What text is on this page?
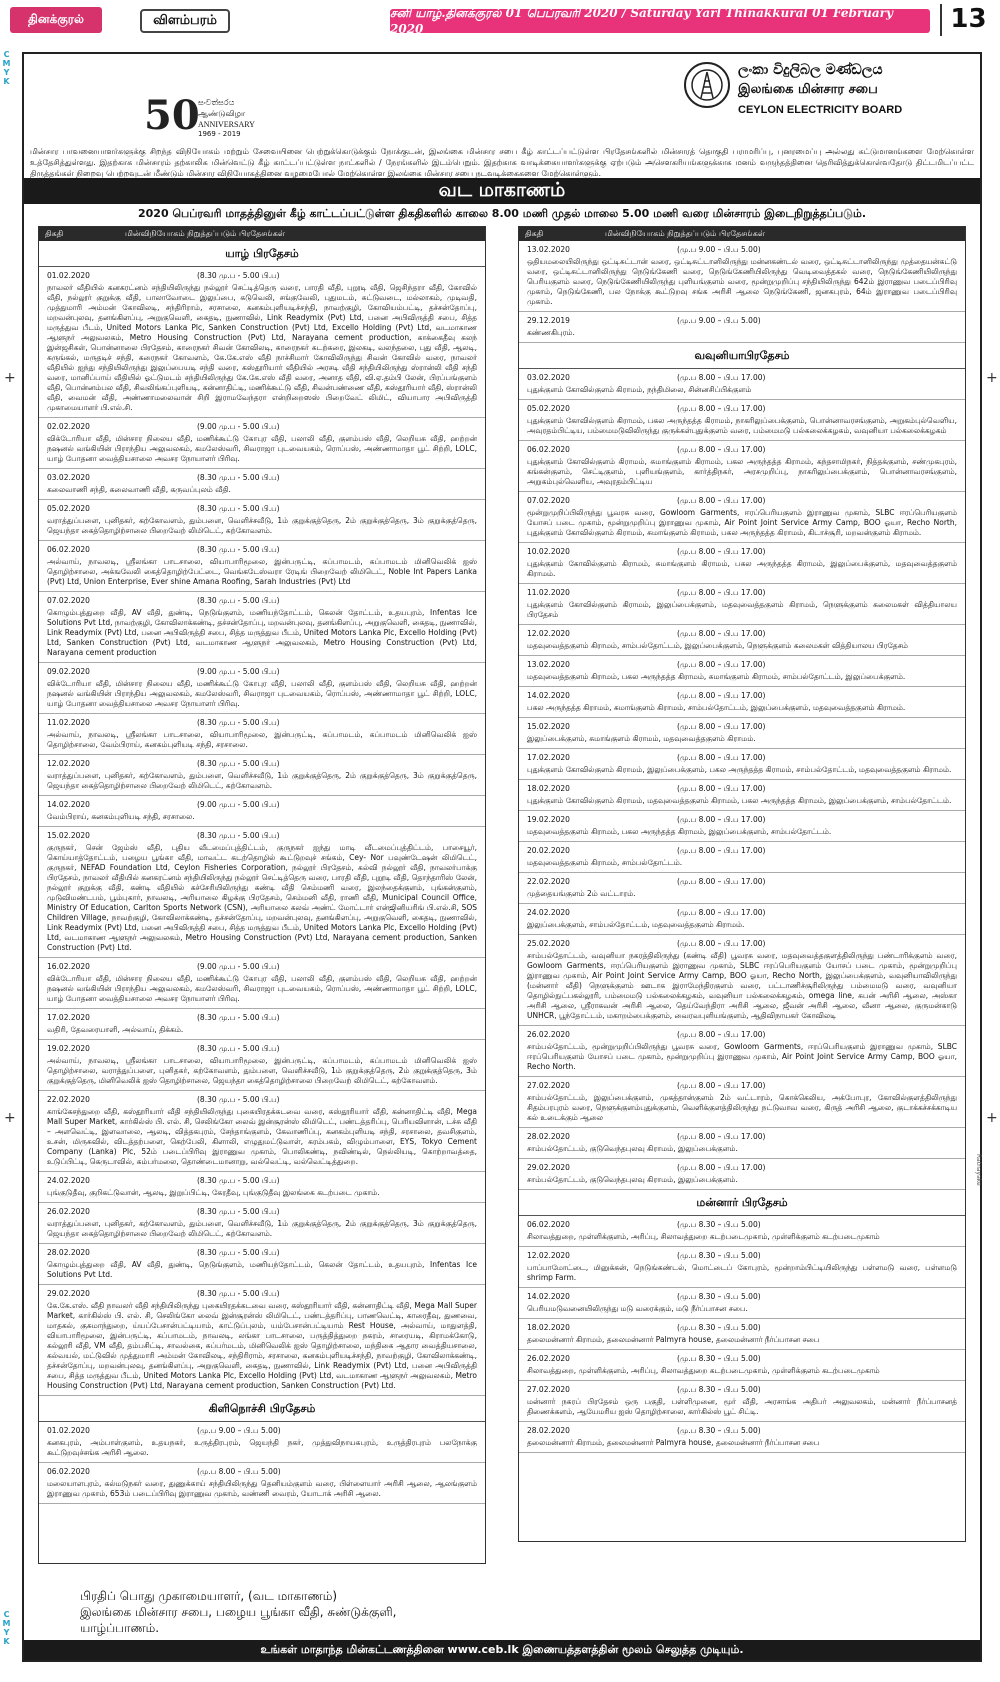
தினக்குரல்	விளம்பரம்	சனி யாழ்.தினக்குரல் 01 பெப்ரவரி 2020 / Saturday Yarl Thinakkural 01 February 2020	13
C
M
Y
K
C
M
Y
K
+
+
+
+
50
සංවත්සරය
ஆண்டுவிழா
ANNIVERSARY
1969 - 2019
ලංකා විදුලිබල මණ්ඩලය
இலங்கை மின்சார சபை
CEYLON ELECTRICITY BOARD
மின்சார பாவனையாளர்களுக்கு சிறந்த விநியோகம் மற்றும் சேவையினை பெற்றுக்கொடுக்கும் நோக்குடன், இலங்கை மின்சார சபை கீழ் காட்டப்பட்டுள்ள பிரதேசங்களில் மின்சாரத் தொகுதி பராமரிப்பு, புனரமைப்பு அல்லது கட்டுமானங்களை மேற்கொள்ள உத்தேசித்துள்ளது. இதற்காக மின்சாரம் தற்காலிக மின்வெட்டு கீழ் காட்டப்பட்டுள்ள நாட்களில் / நேரங்களில் இடம்பெறும். இதற்காக வாடிக்கையாளர்களுக்கு ஏற்படும் அசௌகரியங்களுக்காக மனம் வருந்தத்தினை தெரிவித்துக்கொள்வதோடு திட்டமிடப்பட்ட திருத்தங்கள் நிறைவு பெற்றவுடன் மீண்டும் மின்சார விநியோகத்தினை வழமைபோல் மேற்கொள்ள இலங்கை மின்சார சபை நடவடிக்கைகளை மேற்கொள்ளும்.
வட மாகாணம்
2020 பெப்ரவரி மாதத்தினுள் கீழ் காட்டப்பட்டுள்ள திகதிகளில் காலை 8.00 மணி முதல் மாலை 5.00 மணி வரை மின்சாரம் இடைநிறுத்தப்படும்.
திகதி	மின்விநியோகம் நிறுத்தப்படும் பிரதேசங்கள்
யாழ் பிரதேசம்
01.02.2020	(8.30 மு.ப - 5.00 பி.ப)
நாவலர் வீதியில் கனகரட்னம் சந்தியிலிருந்து நல்லூர் செட்டித்தெரு வரை, பாரதி வீதி, புறூடி வீதி, ஜெசிந்தரா வீதி, கோவில் வீதி, நல்லூர் குறுக்கு வீதி, பாலாவோடை இலுப்பை, கடுவெலி, சங்குவேலி, புதுமடம், சுட்டுவடை, மல்லாகம், முடிவதி, முத்துமாரி அம்மன் கோவிலடி, சந்திரிராம், சரசாலை, கனகம்புளியடிச்சந்தி, நாவற்குழி, கோவியம்பட்டி, தச்சன்தோப்பு, மறவன்புலவு, தனங்கிளப்பு, அறுகுவெளி, கைதடி, நுணாவில், Link Readymix (Pvt) Ltd, பனை அபிவிருத்தி சபை, சித்த மருத்துவ பீடம், United Motors Lanka Plc, Sanken Construction (Pvt) Ltd, Excello Holding (Pvt) Ltd, வடமாகாண ஆளுநர் அலுவலகம், Metro Housing Construction (Pvt) Ltd, Narayana cement production, காக்கைதீவு கலந் இன்ஜசிகள், பொன்னாலை பிரதேசம், காரைநகர் சிவன் கோவிலடி, காரைநகர் கடற்கரை, இலகடி, வலந்தலை, புது வீதி, ஆலடி, கருங்கல், மருதடிச் சந்தி, கரைநகர் கோவளம், கே.கே.எஸ் வீதி நாச்சிமார் கோவிலிருந்து சிவன் கோவில் வரை, நாவலர் வீதியில் ஐந்து சந்தியிலிருந்து இலுப்பையடி சந்தி வரை, கஸ்தூரியார் வீதியில் அரசடி வீதி சந்தியிலிருந்து ஸ்ரான்லி வீதி சந்தி வரை, மானிப்பாய் வீதியில் ஓட்டுமடம் சந்தியிலிருந்து கே.கே.எஸ் வீதி வரை, அனாத வீதி, வி.ஏ.தம்பி லேன், பிரப்பங்குளம் வீதி, பொன்னம்பல வீதி, சிவலிங்கப்புளியடி, கன்னாதிட்டி, மணிக்கூட்டு வீதி, சிவன்பண்ணை வீதி, கஸ்தூரியார் வீதி, ஸ்ரான்லி வீதி, வைமன் வீதி, அண்ணாமலைவான் சிறி இராமவேந்தரா என்றிறைஸஸ் பிறைவேட் லிமிட், வியாபார அபிவிருத்தி முகாமையாளர் பி.எல்.சி.
02.02.2020	(9.00 மு.ப - 5.00 பி.ப)
விக்டோரியா வீதி, மின்சார நிலைய வீதி, மணிக்கூட்டு கோபுர வீதி, பலாலி வீதி, குளம்பஸ் வீதி, லெறியசு வீதி, ஹற்றன் நஷனல் வங்கியின் பிராந்திய அலுவலகம், கமலேஸ்வரி, சிவராஜா புடவையகம், ரொப்பஸ், அண்ணாமாதா பூட் சிற்றி, LOLC, யாழ் போதனா வைத்தியசாலை அவசர நோயாளர் பிரிவு.
03.02.2020	(8.30 மு.ப - 5.00 பி.ப)
கலைவாணி சந்தி, கலைவாணி வீதி, கருவப்புலம் வீதி.
05.02.2020	(8.30 மு.ப - 5.00 பி.ப)
வராத்துப்பளை, புனிதகர், கற்கோவளம், தும்பளை, வெளிச்சவீடு, 1ம் குறுக்குத்தெரு, 2ம் குறுக்குத்தெரு, 3ம் குறுக்குத்தெரு, ஜெயந்தா கைத்தொழிற்சாலை பிறைவேற் லிமிடெட், கற்கோவளம்.
06.02.2020	(8.30 மு.ப - 5.00 பி.ப)
அல்வாய், நாவலடி, ஸ்ரீலங்கா பாடசாலை, வியாபாரிமூலை, இன்பருட்டி, கப்பாமடம், கப்பாமடம் மினிவெலிக் ஐஸ் தொழிற்சாலை, அக்ஙவேலி கைத்தொழிற்பேட்டை, வெங்கடேஸ்வரா ரேடிங் பிறைவேற் லிமிடெட், Noble Int Papers Lanka (Pvt) Ltd, Union Enterprise, Ever shine Amana Roofing, Sarah Industries (Pvt) Ltd
07.02.2020	(8.30 மு.ப - 5.00 பி.ப)
கொழும்புத்துறை வீதி, AV வீதி, துண்டி, நெடுங்குளம், மணியந்தோட்டம், கெலன் தோட்டம், உதயபுரம், Infentas Ice Solutions Pvt Ltd, நாவற்குழி, கோவிலாக்கண்டி, தச்சன்தோப்பு, மறவன்புலவு, தனங்கிளப்பு, அறுகுவெளி, கைதடி, நுணாவில், Link Readymix (Pvt) Ltd, பனை அபிவிருத்தி சபை, சித்த மருத்துவ பீடம், United Motors Lanka Plc, Excello Holding (Pvt) Ltd, Sanken Construction (Pvt) Ltd, வடமாகாண ஆளுநர் அலுவலகம், Metro Housing Construction (Pvt) Ltd, Narayana cement production
09.02.2020	(9.00 மு.ப - 5.00 பி.ப)
விக்டோரியா வீதி, மின்சார நிலைய வீதி, மணிக்கூட்டு கோபுர வீதி, பலாலி வீதி, குளம்பஸ் வீதி, லெறியசு வீதி, ஹற்றன் நஷனல் வங்கியின் பிராந்திய அலுவலகம், கமலேஸ்வரி, சிவராஜா புடவையகம், ரொப்பஸ், அண்ணாமாதா பூட் சிற்றி, LOLC, யாழ் போதனா வைத்தியசாலை அவசர நோயாளர் பிரிவு.
11.02.2020	(8.30 மு.ப - 5.00 பி.ப)
அல்வாய், நாவலடி, ஸ்ரீலங்கா பாடசாலை, வியாபாரிமூலை, இன்பருட்டி, கப்பாமடம், கப்பாமடம் மினிவெலிக் ஐஸ் தொழிற்சாலை, வேம்பிராய், கனகம்புளியடி சந்தி, சரசாலை.
12.02.2020	(8.30 மு.ப - 5.00 பி.ப)
வராத்துப்பளை, புனிதகர், கற்கோவளம், தும்பளை, வெளிச்சவீடு, 1ம் குறுக்குத்தெரு, 2ம் குறுக்குத்தெரு, 3ம் குறுக்குத்தெரு, ஜெயந்தா கைத்தொழிற்சாலை பிறைவேற் லிமிடெட், கற்கோவளம்.
14.02.2020	(9.00 மு.ப - 5.00 பி.ப)
வேம்பிராய், கனகம்புளியடி சந்தி, சரசாலை.
15.02.2020	(8.30 மு.ப - 5.00 பி.ப)
குருநகர், சென் ஜேம்ஸ் வீதி, புதிய வீடமைப்புத்திட்டம், குருநகர் ஐந்து மாடி வீடமைப்புத்திட்டம், பாசையூர், கொய்யாத்தோட்டம், பழைய பூங்கா வீதி, மாவட்ட கடற்தொழில் கூட்டுறவுச் சங்கம், Cey- Nor பவுண்டேஷன் லிமிடெட், குருநகர், NEFAD Foundation Ltd, Ceylon Fisheries Corporation, நல்லூர் பிரதேசம், கல்வி நல்லூர் வீதி, நாவலர்பாக்கு பிரதேசம், நாவலர் வீதியில் கனகரட்னம் சந்தியிலிருந்து நல்லூர் செட்டித்தெரு வரை, பாரதி வீதி, புறூடி வீதி, தொந்தாரிஸ் லேன், நல்லூர் குறுக்கு வீதி, கண்டி வீதியில் கச்சேரியிலிருந்து கண்டி வீதி செம்மணி வரை, இலந்தைக்குளம், புங்கன்குளம், முடுவிமண்டபம், பூம்புகார், நாவலடி, அரியாலை கிழக்கு பிரதேசம், செம்மனி வீதி, ராணி வீதி, Municipal Council Office, Ministry Of Education, Carlton Sports Network (CSN), அரியாலை கலவ் அண்ட் மோட்டார் என்ஜினியரிங் பி.எல்.சி, SOS Children Village, நாவற்குழி, கோவிலாக்கண்டி, தச்சன்தோப்பு, மறவன்புலவு, தனங்கிளப்பு, அறுகுவெளி, கைதடி, நுணாவில், Link Readymix (Pvt) Ltd, பனை அபிவிருத்தி சபை, சித்த மருத்துவ பீடம், United Motors Lanka Plc, Excello Holding (Pvt) Ltd, வடமாகாண ஆளுநர் அலுவலகம், Metro Housing Construction (Pvt) Ltd, Narayana cement production, Sanken Construction (Pvt) Ltd.
16.02.2020	(9.00 மு.ப - 5.00 பி.ப)
விக்டோரியா வீதி, மின்சார நிலைய வீதி, மணிக்கூட்டு கோபுர வீதி, பலாலி வீதி, குளம்பஸ் வீதி, லெறியசு வீதி, ஹற்றன் நஷனல் வங்கியின் பிராந்திய அலுவலகம், கமலேஸ்வரி, சிவராஜா புடவையகம், ரொப்பஸ், அண்ணாமாதா பூட் சிற்றி, LOLC, யாழ் போதனா வைத்தியசாலை அவசர நோயாளர் பிரிவு.
17.02.2020	(8.30 மு.ப - 5.00 பி.ப)
வதிரி, தேவரையாளி, அல்வாய், திக்கம்.
19.02.2020	(8.30 மு.ப - 5.00 பி.ப)
அல்வாய், நாவலடி, ஸ்ரீலங்கா பாடசாலை, வியாபாரிமூலை, இன்பருட்டி, கப்பாமடம், கப்பாமடம் மினிவெலிக் ஐஸ் தொழிற்சாலை, வராத்துப்பளை, புனிதகர், கற்கோவளம், தும்பளை, வெளிச்சவீடு, 1ம் குறுக்குத்தெரு, 2ம் குறுக்குத்தெரு, 3ம் குறுக்குத்தெரு, மினிவெலிக் ஐஸ் தொழிற்சாலை, ஜெயந்தா கைத்தொழிற்சாலை பிறைவேற் லிமிடெட், கற்கோவளம்.
22.02.2020	(8.30 மு.ப - 5.00 பி.ப)
காங்கேசந்துறை வீதி, கஸ்தூரியார் வீதி சந்தியிலிருந்து புகையிரதக்கடவை வரை, கஸ்தூரியார் வீதி, கன்னாதிட்டி வீதி, Mega Mall Super Market, கார்கில்ஸ் பி. எல். சி, செலிங்கோ லைவ் இன்சூரன்ஸ் லிமிடெட், பண்டத்தரிப்பு, பெரியவிளான், டச்சு வீதி – அளவெட்டி, இளவாலை, ஆலடி, வித்தகபுரம், சேந்தாங்குளம், கேவாணிப்பு, கனகம்புளியடி சந்தி, சரசாலை, தவசிகுளம், உசன், மிருசுவில், விடத்தற்பளை, கெற்பேலி, கிளாலி, எழுதுமட்டுவாள், கரம்பகம், விழும்பாளை, EYS, Tokyo Cement Company (Lanka) Plc, 52ம் படைப்பிரிவு இராணுவ முகாம், பொலிகண்டி, நவிண்டில், நெல்லியடி, கொற்றாவத்தை, உடுப்பிட்டி, கெருடாவில், கம்பர்மலை, தொண்டைமானாறு, வல்வெட்டி, வல்வெட்டித்துறை.
24.02.2020	(8.30 மு.ப - 5.00 பி.ப)
புங்குடுதீவு, குறிகட்டுவான், ஆலடி, இறுப்பிட்டி, கேரதீவு, புங்குடுதீவு இலங்கை கடற்படை முகாம்.
26.02.2020	(8.30 மு.ப - 5.00 பி.ப)
வராத்துப்பளை, புனிதகர், கற்கோவளம், தும்பளை, வெளிச்சவீடு, 1ம் குறுக்குத்தெரு, 2ம் குறுக்குத்தெரு, 3ம் குறுக்குத்தெரு, ஜெயந்தா கைத்தொழிற்சாலை பிறைவேற் லிமிடெட், கற்கோவளம்.
28.02.2020	(8.30 மு.ப - 5.00 பி.ப)
கொழும்புத்துறை வீதி, AV வீதி, துண்டி, நெடுங்குளம், மணியந்தோட்டம், கெலன் தோட்டம், உதயபுரம், Infentas Ice Solutions Pvt Ltd.
29.02.2020	(8.30 மு.ப - 5.00 பி.ப)
கே.கே.எஸ். வீதி நாவலர் வீதி சந்தியிலிருந்து புகையிரதக்கடவை வரை, கஸ்தூரியார் வீதி, கன்னாதிட்டி வீதி, Mega Mall Super Market, கார்கில்ஸ் பி. எல். சி, செலிங்கோ லைவ் இன்சூரன்ஸ் லிமிடெட், பண்டத்தரிப்பு, பாணவெட்டி, காரைதீவு, துணவை, மாதகல், குசுமாந்துறை, ய்யப்பேசான்பட்டியாம், காட்டுப்புலம், யம்பேசான்பட்டியாம் Rest House, அல்வாய், மாதுளத்தி, வியாபாரிமூலை, இன்பருட்டி, கப்பாமடம், நாவலடி, லங்கா பாடசாலை, பருத்தித்துறை நகரம், சாரையடி, கிராமக்கோடு, கல்லூரி வீதி, VM வீதி, தம்பசிட்டி, சாவல்கை, சுப்பர்மடம், மினிவெலிக் ஐஸ் தொழிற்சாலை, மந்திகை ஆதார வைத்தியசாலை, கல்வயல், மட்டுவில் முத்துமாரி அம்மன் கோவிலடி, சந்திரிராம், சரசாலை, கனகம்புளியடிச்சந்தி, நாவற்குழி, கோவிலாக்கண்டி, தச்சன்தோப்பு, மறவன்புலவு, தனங்கிளப்பு, அறுகுவெளி, கைதடி, நுணாவில், Link Readymix (Pvt) Ltd, பனை அபிவிருத்தி சபை, சித்த மருத்துவ பீடம், United Motors Lanka Plc, Excello Holding (Pvt) Ltd, வடமாகாண ஆளுநர் அலுவலகம், Metro Housing Construction (Pvt) Ltd, Narayana cement production, Sanken Construction (Pvt) Ltd.
கிளிநொச்சி பிரதேசம்
01.02.2020	(மு.ப 9.00 – பி.ப 5.00)
கனகபுரம், அம்பாள்குளம், உதயநகர், உருத்திரபுரம், ஜெயந்தி நகர், முத்துவிநாயகபுரம், உருத்திரபுரம் பலநோக்கு கூட்டுறவுச்சங்க அரிசி ஆலை.
06.02.2020	(மு.ப 8.00 – பி.ப 5.00)
மலையாளபுரம், கல்மடுநகர் வரை, துணுக்காய் சந்தியிலிருந்து தெனியம்குளம் வரை, பிள்ளையார் அரிசி ஆலை, ஆலங்குளம் இராணுவ முகாம், 653ம் படைப்பிரிவு இராணுவ முகாம், வண்ணி வைரம், யோடாக் அரிசி ஆலை.
திகதி	மின்விநியோகம் நிறுத்தப்படும் பிரதேசங்கள்
13.02.2020	(மு.ப 9.00 – பி.ப 5.00)
ஒதியமலையிலிருந்து ஒட்டிசுட்டான் வரை, ஒட்டிசுட்டானிலிருந்து மன்னகண்டல் வரை, ஒட்டிசுட்டானிலிருந்து முத்தையன்கட்டு வரை, ஒட்டிசுட்டானிலிருந்து நெடுங்கேணி வரை, நெடுங்கேணியிலிருந்து வெடிவைத்தகல் வரை, நெடுங்கேணியிலிருந்து பெரியகுளம் வரை, நெடுங்கேணியிலிருந்து புளியங்குளம் வரை, மூன்றுமுறிப்பு சந்தியிலிருந்து 642ம் இராணுவ படைப்பிரிவு முகாம், நெடுங்கேணி, பல நோக்கு கூட்டுறவு சங்க அரிசி ஆலை நெடுங்கேணி, ஜனகபுரம், 64ம் இராணுவ படைப்பிரிவு முகாம்.
29.12.2019	(மு.ப 9.00 – பி.ப 5.00)
கண்ணகிபுரம்.
வவுனியாபிரதேசம்
03.02.2020	(மு.ப 8.00 – பி.ப 17.00)
புதுக்குளம் கோவில்குளம் கிராமம், நந்திமிலை, சின்னசிப்பிக்குளம்
05.02.2020	(மு.ப 8.00 – பி.ப 17.00)
புதுக்குளம் கோவில்குளம் கிராமம், பகல அருந்தத்த கிராமம், நாகரிலுப்பைக்குளம், பொன்னாவரசங்குளம், அறுகம்புல்வெளிய, அவுரதம்பிட்டிய, பம்மைமடுவிலிருந்து குருக்கள்புதுக்குளம் வரை, பம்மைமடு பல்கலைக்கழகம், வவுனியா பல்கலைக்கழகம்
06.02.2020	(மு.ப 8.00 – பி.ப 17.00)
புதுக்குளம் கோவில்குளம் கிராமம், சுமாங்குளம் கிராமம், பகல அருந்தத்த கிராமம், கந்தசாமிநகர், நித்தக்குளம், சண்முகபுரம், கங்கன்குளம், செட்டிகுளம், புளியங்குளம், கார்த்திநகர், அரசமுறிப்பு, நாகரிலுப்பைக்குளம், பொன்னாவரசங்குளம், அறுகம்புல்வெளிய, அவுரதம்பிட்டிய
07.02.2020	(மு.ப 8.00 – பி.ப 17.00)
மூன்றுமுறிப்பிலிருந்து பூவரசு வரை, Gowloom Garments, ஈரப்பெரியகுளம் இராணுவ முகாம், SLBC ஈரப்பெரியகுளம் யோசப் படை முகாம், மூன்றுமுறிப்பு இராணுவ முகாம், Air Point Joint Service Army Camp, BOO ஓயா, Recho North, புதுக்குளம் கோவில்குளம் கிராமம், சுமாங்குளம் கிராமம், பகல அருந்தத்த கிராமம், கிடாச்சூரி, மறவன்குளம் கிராமம்.
10.02.2020	(மு.ப 8.00 – பி.ப 17.00)
புதுக்குளம் கோவில்குளம் கிராமம், சுமாங்குளம் கிராமம், பகல அருந்தத்த கிராமம், இலுப்பைக்குளம், மதவுவைத்தகுளம் கிராமம்.
11.02.2020	(மு.ப 8.00 – பி.ப 17.00)
புதுக்குளம் கோவில்குளம் கிராமம், இலுப்பைக்குளம், மதவுவைத்தகுளம் கிராமம், நெளுக்குளம் கலைமகள் வித்தியாலய பிரதேசம்
12.02.2020	(மு.ப 8.00 – பி.ப 17.00)
மதவுவைத்தகுளம் கிராமம், சாம்பல்தோட்டம், இலுப்பைக்குளம், நெளுக்குளம் கலைமகள் வித்தியாலய பிரதேசம்
13.02.2020	(மு.ப 8.00 – பி.ப 17.00)
மதவுவைத்தகுளம் கிராமம், பகல அருந்தத்த கிராமம், சுமாங்குளம் கிராமம், சாம்பல்தோட்டம், இலுப்பைக்குளம்.
14.02.2020	(மு.ப 8.00 – பி.ப 17.00)
பகல அருந்தத்த கிராமம், சுமாங்குளம் கிராமம், சாம்பல்தோட்டம், இலுப்பைக்குளம், மதவுவைத்தகுளம் கிராமம்.
15.02.2020	(மு.ப 8.00 – பி.ப 17.00)
இலுப்பைக்குளம், சுமாங்குளம் கிராமம், மதவுவைத்தகுளம் கிராமம்.
17.02.2020	(மு.ப 8.00 – பி.ப 17.00)
புதுக்குளம் கோவில்குளம் கிராமம், இலுப்பைக்குளம், பகல அருந்தத்த கிராமம், சாம்பல்தோட்டம், மதவுவைத்தகுளம் கிராமம்.
18.02.2020	(மு.ப 8.00 – பி.ப 17.00)
புதுக்குளம் கோவில்குளம் கிராமம், மதவுவைத்தகுளம் கிராமம், பகல அருந்தத்த கிராமம், இலுப்பைக்குளம், சாம்பல்தோட்டம்.
19.02.2020	(மு.ப 8.00 – பி.ப 17.00)
மதவுவைத்தகுளம் கிராமம், பகல அருந்தத்த கிராமம், இலுப்பைக்குளம், சாம்பல்தோட்டம்.
20.02.2020	(மு.ப 8.00 – பி.ப 17.00)
மதவுவைத்தகுளம் கிராமம், சாம்பல்தோட்டம்.
22.02.2020	(மு.ப 8.00 – பி.ப 17.00)
முத்தையங்குளம் 2ம் வட்டாரம்.
24.02.2020	(மு.ப 8.00 – பி.ப 17.00)
இலுப்பைக்குளம், சாம்பல்தோட்டம், மதவுவைத்தகுளம் கிராமம்.
25.02.2020	(மு.ப 8.00 – பி.ப 17.00)
சாம்பல்தோட்டம், வவுனியா நகரத்திலிருந்து (கண்டி வீதி) பூவரசு வரை, மதவுவைத்தகுளத்திலிருந்து பண்டாரிக்குளம் வரை, Gowloom Garments, ஈரப்பெரியகுளம் இராணுவ முகாம், SLBC ஈரப்பெரியகுளம் யோசப் படை முகாம், மூன்றுமுறிப்பு இராணுவ முகாம், Air Point Joint Service Army Camp, BOO ஓயா, Recho North, இலுப்பைக்குளம், வவுனியாவிலிருந்து (மன்னார் வீதி) நெளுக்குளம் ஊடாக இராமேந்திரகுளம் வரை, பட்டாணிச்சூரிலிருந்து பம்மைமடு வரை, வவுனியா தொழில்நுட்பகல்லூரி, பம்மைமடு பல்கலைக்கழகம், வவுனியா பல்கலைக்கழகம், omega line, சுபன் அரிசி ஆலை, அஸ்கா அரிசி ஆலை, ஸ்ரீராகவன் அரிசி ஆலை, தெய்வேந்திரா அரிசி ஆலை, ஜீவன் அரிசி ஆலை, வீனா ஆலை, குருமன்காடு UNHCR, பூந்தோட்டம், மகாறம்பைக்குளம், வைரவபுளியங்குளம், ஆதிவிநாயகர் கோவிலடி
26.02.2020	(மு.ப 8.00 – பி.ப 17.00)
சாம்பல்தோட்டம், மூன்றுமுறிப்பிலிருந்து பூவரசு வரை, Gowloom Garments, ஈரப்பெரியகுளம் இராணுவ முகாம், SLBC ஈரப்பெரியகுளம் யோசப் படை முகாம், மூன்றுமுறிப்பு இராணுவ முகாம், Air Point Joint Service Army Camp, BOO ஓயா, Recho North.
27.02.2020	(மு.ப 8.00 – பி.ப 17.00)
சாம்பல்தோட்டம், இலுப்பைக்குளம், முகத்தான்குளம் 2ம் வட்டாரம், கொக்கெலிய, அக்போபுர, கோவில்குளத்திலிருந்து சிதம்பரபுரம் வரை, நெளுக்குளம்புதுக்குளம், வெளிக்குளத்திலிருந்து நட்டுவாவ வரை, கிருத் அரிசி ஆலை, குடாக்கச்சக்காடிய கல் உடைக்கும் ஆலை
28.02.2020	(மு.ப 8.00 – பி.ப 17.00)
சாம்பல்தோட்டம், குடுவெந்தபுலவு கிராமம், இலுப்பைக்குளம்.
29.02.2020	(மு.ப 8.00 – பி.ப 17.00)
சாம்பல்தோட்டம், குடுவெந்தபுலவு கிராமம், இலுப்பைக்குளம்.
மன்னார் பிரதேசம்
06.02.2020	(மு.ப 8.30 – பி.ப 5.00)
சிலாவத்துறை, முள்ளிக்குளம், அரிப்பு, சிலாவத்துறை கடற்படைமுகாம், முள்ளிக்குளம் கடற்படைமுகாம்
12.02.2020	(மு.ப 8.30 – பி.ப 5.00)
பாப்பாமோட்டை, மினுக்கன், நெடுங்கண்டல், மொட்டைப் கோபுரம், மூன்றாம்பிட்டியிலிருந்து பள்ளமடு வரை, பள்ளமடு shrimp Farm.
14.02.2020	(மு.ப 8.30 – பி.ப 5.00)
பெரியமடுவனையிலிருந்து மடு வரைக்கும், மடு நீர்ப்பாசன சபை.
18.02.2020	(மு.ப 8.30 – பி.ப 5.00)
தலைமன்னார் கிராமம், தலைமன்னார் Palmyra house, தலைமன்னார் நீர்ப்பாசன சபை
26.02.2020	(மு.ப 8.30 – பி.ப 5.00)
சிலாவத்துறை, முள்ளிக்குளம், அரிப்பு, சிலாவத்துறை கடற்படைமுகாம், முள்ளிக்குளம் கடற்படைமுகாம்
27.02.2020	(மு.ப 8.30 – பி.ப 5.00)
மன்னார் நகரப் பிரதேசம் ஒரு பகுதி, பள்ளிமுனை, மூர் வீதி, அரசாங்க அதிபர் அலுவலகம், மன்னார் நீர்ப்பாசனத் திணைக்களம், ஆயேமரிய ஐஸ் தொழிற்சாலை, கார்கில்ஸ் பூட் சிட்டி.
28.02.2020	(மு.ப 8.30 – பி.ப 5.00)
தலைமன்னார் கிராமம், தலைமன்னார் Palmyra house, தலைமன்னார் நீர்ப்பாசன சபை
பிரதிப் பொது முகாமையாளர், (வட மாகாணம்)
இலங்கை மின்சார சபை, பழைய பூங்கா வீதி, சுண்டுக்குளி,
யாழ்ப்பாணம்.
உங்கள் மாதாந்த மின்கட்டணத்தினை www.ceb.lk இணையத்தளத்தின் மூலம் செலுத்த முடியும்.
Ratnayake
